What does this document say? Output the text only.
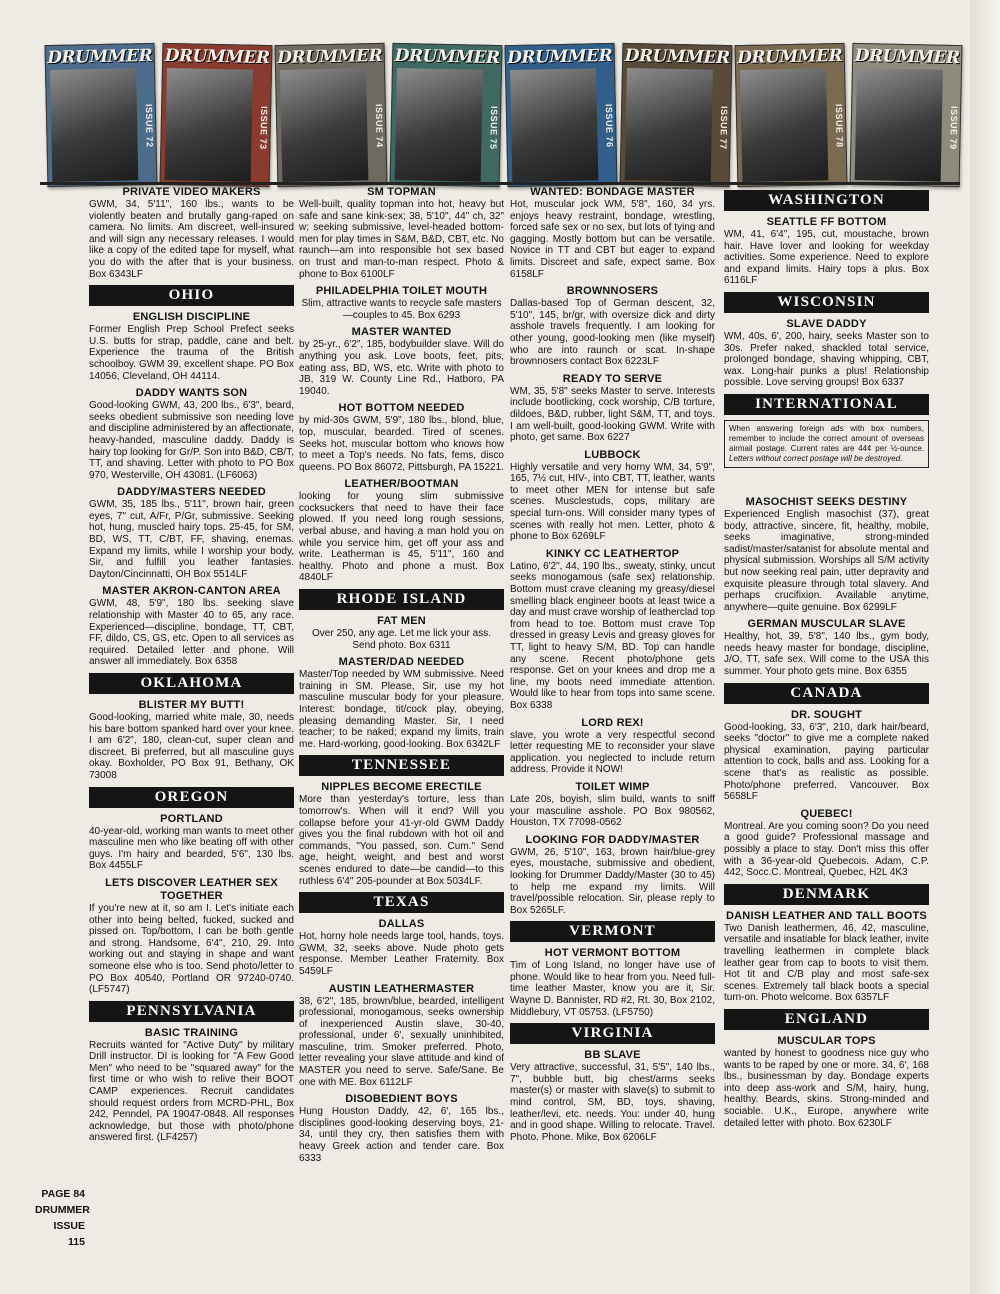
DRUMMER
ISSUE 72
DRUMMER
ISSUE 73
DRUMMER
ISSUE 74
DRUMMER
ISSUE 75
DRUMMER
ISSUE 76
DRUMMER
ISSUE 77
DRUMMER
ISSUE 78
DRUMMER
ISSUE 79
PRIVATE VIDEO MAKERS

GWM, 34, 5'11", 160 lbs., wants to be violently beaten and brutally gang-raped on camera. No limits. Am discreet, well-insured and will sign any necessary releases. I would like a copy of the edited tape for myself, what you do with the after that is your business. Box 6343LF

OHIO
ENGLISH DISCIPLINE

Former English Prep School Prefect seeks U.S. butts for strap, paddle, cane and belt. Experience the trauma of the British schoolboy. GWM 39, excellent shape. PO Box 14056, Cleveland, OH 44114.

DADDY WANTS SON

Good-looking GWM, 43, 200 lbs., 6'3", beard, seeks obedient submissive son needing love and discipline administered by an affectionate, heavy-handed, masculine daddy. Daddy is hairy top looking for Gr/P. Son into B&D, CB/T, TT, and shaving. Letter with photo to PO Box 970, Westerville, OH 43081. (LF6063)

DADDY/MASTERS NEEDED

GWM, 35, 185 lbs., 5'11", brown hair, green eyes, 7" cut, A/Fr, P/Gr, submissive. Seeking hot, hung, muscled hairy tops. 25-45, for SM, BD, WS, TT, C/BT, FF, shaving, enemas. Expand my limits, while I worship your body, Sir, and fulfill you leather fantasies. Dayton/Cincinnatti, OH Box 5514LF

MASTER AKRON-CANTON AREA

GWM, 48, 5'9", 180 lbs. seeking slave relationship with Master 40 to 65, any race. Experienced—discipline, bondage, TT, CBT, FF, dildo, CS, GS, etc. Open to all services as required. Detailed letter and phone. Will answer all immediately. Box 6358

OKLAHOMA
BLISTER MY BUTT!

Good-looking, married white male, 30, needs his bare bottom spanked hard over your knee. I am 6'2", 180, clean-cut, super clean and discreet. Bi preferred, but all masculine guys okay. Boxholder, PO Box 91, Bethany, OK 73008

OREGON
PORTLAND

40-year-old, working man wants to meet other masculine men who like beating off with other guys. I'm hairy and bearded, 5'6", 130 lbs. Box 4455LF

LETS DISCOVER LEATHER SEX TOGETHER

If you're new at it, so am I. Let's initiate each other into being belted, fucked, sucked and pissed on. Top/bottom, I can be both gentle and strong. Handsome, 6'4", 210, 29. Into working out and staying in shape and want someone else who is too. Send photo/letter to PO Box 40540, Portland OR 97240-0740. (LF5747)

PENNSYLVANIA
BASIC TRAINING

Recruits wanted for "Active Duty" by military Drill instructor. DI is looking for "A Few Good Men" who need to be "squared away" for the first time or who wish to relive their BOOT CAMP experiences. Recruit candidates should request orders from MCRD-PHL, Box 242, Penndel, PA 19047-0848. All responses acknowledge, but those with photo/phone answered first. (LF4257)

SM TOPMAN

Well-built, quality topman into hot, heavy but safe and sane kink-sex; 38, 5'10", 44" ch, 32" w; seeking submissive, level-headed bottom-men for play times in S&M, B&D, CBT, etc. No raunch—am into responsible hot sex based on trust and man-to-man respect. Photo & phone to Box 6100LF

PHILADELPHIA TOILET MOUTH

Slim, attractive wants to recycle safe masters—couples to 45. Box 6293

MASTER WANTED

by 25-yr., 6'2", 185, bodybuilder slave. Will do anything you ask. Love boots, feet, pits, eating ass, BD, WS, etc. Write with photo to JB, 319 W. County Line Rd., Hatboro, PA 19040.

HOT BOTTOM NEEDED

by mid-30s GWM, 5'9", 180 lbs., blond, blue, top, muscular, bearded. Tired of scenes. Seeks hot, muscular bottom who knows how to meet a Top's needs. No fats, fems, disco queens. PO Box 86072, Pittsburgh, PA 15221.

LEATHER/BOOTMAN

looking for young slim submissive cocksuckers that need to have their face plowed. If you need long rough sessions, verbal abuse, and having a man hold you on while you service him, get off your ass and write. Leatherman is 45, 5'11", 160 and healthy. Photo and phone a must. Box 4840LF

RHODE ISLAND
FAT MEN

Over 250, any age. Let me lick your ass. Send photo. Box 6311

MASTER/DAD NEEDED

Master/Top needed by WM submissive. Need training in SM. Please, Sir, use my hot masculine muscular body for your pleasure. Interest: bondage, tit/cock play, obeying, pleasing demanding Master. Sir, I need teacher; to be naked; expand my limits, train me. Hard-working, good-looking. Box 6342LF

TENNESSEE
NIPPLES BECOME ERECTILE

More than yesterday's torture, less than tomorrow's. When will it end? Will you collapse before your 41-yr-old GWM Daddy gives you the final rubdown with hot oil and commands, "You passed, son. Cum." Send age, height, weight, and best and worst scenes endured to date—be candid—to this ruthless 6'4" 205-pounder at Box 5034LF.

TEXAS
DALLAS

Hot, horny hole needs large tool, hands, toys. GWM, 32, seeks above. Nude photo gets response. Member Leather Fraternity. Box 5459LF

AUSTIN LEATHERMASTER

38, 6'2", 185, brown/blue, bearded, intelligent professional, monogamous, seeks ownership of inexperienced Austin slave, 30-40, professional, under 6', sexually uninhibited, masculine, trim. Smoker preferred. Photo, letter revealing your slave attitude and kind of MASTER you need to serve. Safe/Sane. Be one with ME. Box 6112LF

DISOBEDIENT BOYS

Hung Houston Daddy, 42, 6', 165 lbs., disciplines good-looking deserving boys, 21-34, until they cry, then satisfies them with heavy Greek action and tender care. Box 6333

WANTED: BONDAGE MASTER

Hot, muscular jock WM, 5'8", 160, 34 yrs. enjoys heavy restraint, bondage, wrestling, forced safe sex or no sex, but lots of tying and gagging. Mostly bottom but can be versatile. Novice in TT and CBT but eager to expand limits. Discreet and safe, expect same. Box 6158LF

BROWNNOSERS

Dallas-based Top of German descent, 32, 5'10", 145, br/gr, with oversize dick and dirty asshole travels frequently. I am looking for other young, good-looking men (like myself) who are into raunch or scat. In-shape brownnosers contact Box 6223LF

READY TO SERVE

WM, 35, 5'8" seeks Master to serve. Interests include bootlicking, cock worship, C/B torture, dildoes, B&D, rubber, light S&M, TT, and toys. I am well-built, good-looking GWM. Write with photo, get same. Box 6227

LUBBOCK

Highly versatile and very horny WM, 34, 5'9", 165, 7½ cut, HIV-, into CBT, TT, leather, wants to meet other MEN for intense but safe scenes. Musclestuds, cops, military are special turn-ons. Will consider many types of scenes with really hot men. Letter, photo & phone to Box 6269LF

KINKY CC LEATHERTOP

Latino, 6'2", 44, 190 lbs., sweaty, stinky, uncut seeks monogamous (safe sex) relationship. Bottom must crave cleaning my greasy/diesel smelling black engineer boots at least twice a day and must crave worship of leatherclad top from head to toe. Bottom must crave Top dressed in greasy Levis and greasy gloves for TT, light to heavy S/M, BD. Top can handle any scene. Recent photo/phone gets response. Get on your knees and drop me a line, my boots need immediate attention. Would like to hear from tops into same scene. Box 6338

LORD REX!

slave, you wrote a very respectful second letter requesting ME to reconsider your slave application. you neglected to include return address. Provide it NOW!

TOILET WIMP

Late 20s, boyish, slim build, wants to sniff your masculine asshole. PO Box 980562, Houston, TX 77098-0562

LOOKING FOR DADDY/MASTER

GWM, 26, 5'10", 163, brown hair/blue-grey eyes, moustache, submissive and obedient, looking for Drummer Daddy/Master (30 to 45) to help me expand my limits. Will travel/possible relocation. Sir, please reply to Box 5265LF.

VERMONT
HOT VERMONT BOTTOM

Tim of Long Island, no longer have use of phone. Would like to hear from you. Need full-time leather Master, know you are it, Sir. Wayne D. Bannister, RD #2, Rt. 30, Box 2102, Middlebury, VT 05753. (LF5750)

VIRGINIA
BB SLAVE

Very attractive, successful, 31, 5'5", 140 lbs., 7", bubble butt, big chest/arms seeks master(s) or master with slave(s) to submit to mind control, SM, BD, toys, shaving, leather/levi, etc. needs. You: under 40, hung and in good shape. Willing to relocate. Travel. Photo. Phone. Mike, Box 6206LF

WASHINGTON
SEATTLE FF BOTTOM

WM, 41, 6'4", 195, cut, moustache, brown hair. Have lover and looking for weekday activities. Some experience. Need to explore and expand limits. Hairy tops a plus. Box 6116LF

WISCONSIN
SLAVE DADDY

WM, 40s, 6', 200, hairy, seeks Master son to 30s. Prefer naked, shackled total service, prolonged bondage, shaving whipping, CBT, wax. Long-hair punks a plus! Relationship possible. Love serving groups! Box 6337

INTERNATIONAL
When answering foreign ads with box numbers, remember to include the correct amount of overseas airmail postage. Current rates are 44¢ per ½-ounce. Letters without correct postage will be destroyed.
MASOCHIST SEEKS DESTINY

Experienced English masochist (37), great body, attractive, sincere, fit, healthy, mobile, seeks imaginative, strong-minded sadist/master/satanist for absolute mental and physical submission. Worships all S/M activity but now seeking real pain, utter depravity and exquisite pleasure through total slavery. And perhaps crucifixion. Available anytime, anywhere—quite genuine. Box 6299LF

GERMAN MUSCULAR SLAVE

Healthy, hot, 39, 5'8", 140 lbs., gym body, needs heavy master for bondage, discipline, J/O, TT, safe sex. Will come to the USA this summer. Your photo gets mine. Box 6355

CANADA
DR. SOUGHT

Good-looking, 33, 6'3", 210, dark hair/beard, seeks "doctor" to give me a complete naked physical examination, paying particular attention to cock, balls and ass. Looking for a scene that's as realistic as possible. Photo/phone preferred. Vancouver. Box 5658LF

QUEBEC!

Montreal. Are you coming soon? Do you need a good guide? Professional massage and possibly a place to stay. Don't miss this offer with a 36-year-old Quebecois. Adam, C.P. 442, Socc.C. Montreal, Quebec, H2L 4K3

DENMARK
DANISH LEATHER AND TALL BOOTS

Two Danish leathermen, 46, 42, masculine, versatile and insatiable for black leather, invite travelling leathermen in complete black leather gear from cap to boots to visit them. Hot tit and C/B play and most safe-sex scenes. Extremely tall black boots a special turn-on. Photo welcome. Box 6357LF

ENGLAND
MUSCULAR TOPS

wanted by honest to goodness nice guy who wants to be raped by one or more. 34, 6', 168 lbs., businessman by day. Bondage experts into deep ass-work and S/M, hairy, hung, healthy. Beards, skins. Strong-minded and sociable. U.K., Europe, anywhere write detailed letter with photo. Box 6230LF

PAGE 84
DRUMMER
ISSUE 115
